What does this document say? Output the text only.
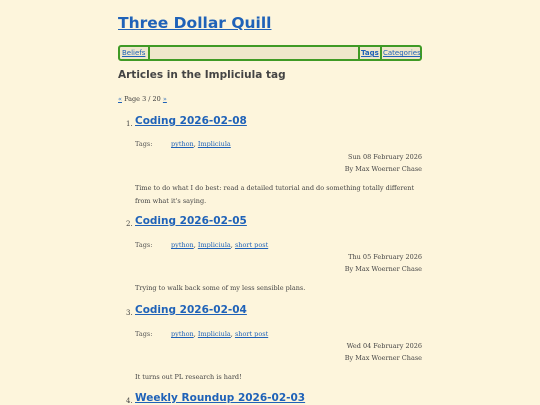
Three Dollar Quill
Beliefs	Tags Categories
Articles in the Impliciula tag
« Page 3 / 20 »
1. Coding 2026-02-08
Tags:	python, Impliciula
Sun 08 February 2026
By Max Woerner Chase
Time to do what I do best: read a detailed tutorial and do something totally different from what it's saying.
2. Coding 2026-02-05
Tags:	python, Impliciula, short post
Thu 05 February 2026
By Max Woerner Chase
Trying to walk back some of my less sensible plans.
3. Coding 2026-02-04
Tags:	python, Impliciula, short post
Wed 04 February 2026
By Max Woerner Chase
It turns out PL research is hard!
4. Weekly Roundup 2026-02-03
